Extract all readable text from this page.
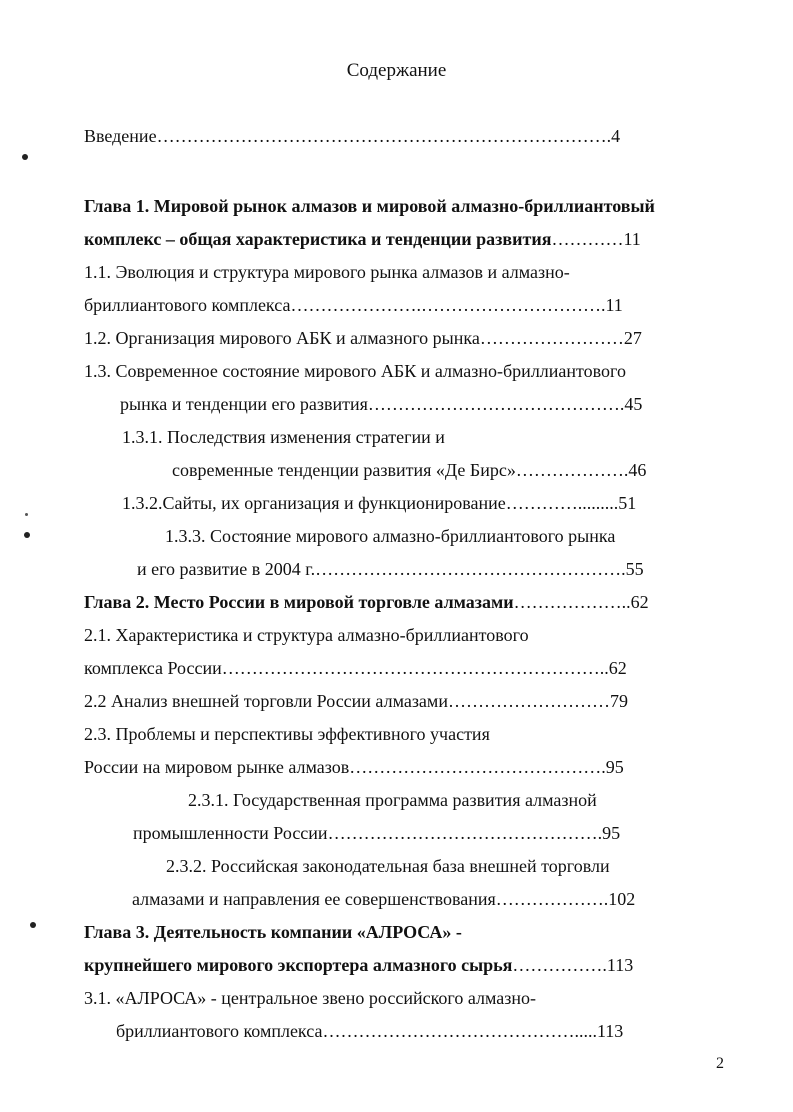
Содержание
Введение………………………………………………………………….4
Глава 1. Мировой рынок алмазов и мировой алмазно-бриллиантовый
комплекс – общая характеристика и тенденции развития…………11
1.1. Эволюция и структура мирового рынка алмазов и алмазно-
бриллиантового комплекса………………….………………………….11
1.2. Организация мирового АБК и алмазного рынка……………………27
1.3. Современное состояние мирового АБК и алмазно-бриллиантового
рынка и тенденции его развития…………………………………….45
1.3.1. Последствия изменения стратегии и
современные тенденции развития «Де Бирс»……………….46
1.3.2.Сайты, их организация и функционирование………….........51
1.3.3. Состояние мирового алмазно-бриллиантового рынка
и его развитие в 2004 г.…………………………………………….55
Глава 2. Место России в мировой торговле алмазами………………..62
2.1. Характеристика и структура алмазно-бриллиантового
комплекса России………………………………………………………..62
2.2 Анализ внешней торговли России алмазами………………………79
2.3. Проблемы и перспективы эффективного участия
России на мировом рынке алмазов…………………………………….95
2.3.1. Государственная программа развития алмазной
промышленности России……………………………………….95
2.3.2. Российская законодательная база внешней торговли
алмазами и направления ее совершенствования……………….102
Глава 3. Деятельность компании «АЛРОСА» -
крупнейшего мирового экспортера алмазного сырья…………….113
3.1. «АЛРОСА» - центральное звено российского алмазно-
бриллиантового комплекса…………………………………….....113
2
